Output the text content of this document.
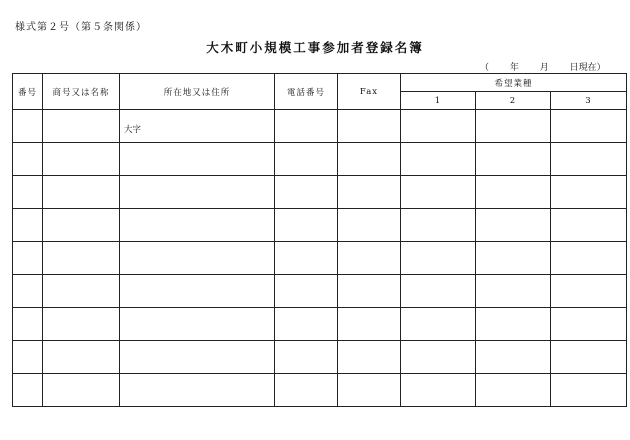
様式第２号（第５条関係）
大木町小規模工事参加者登録名簿
（　　 年　　 月　　 日現在）
番号	商号又は名称	所在地又は住所	電話番号	Fax	希望業種		
					1	2	3
		大字					
